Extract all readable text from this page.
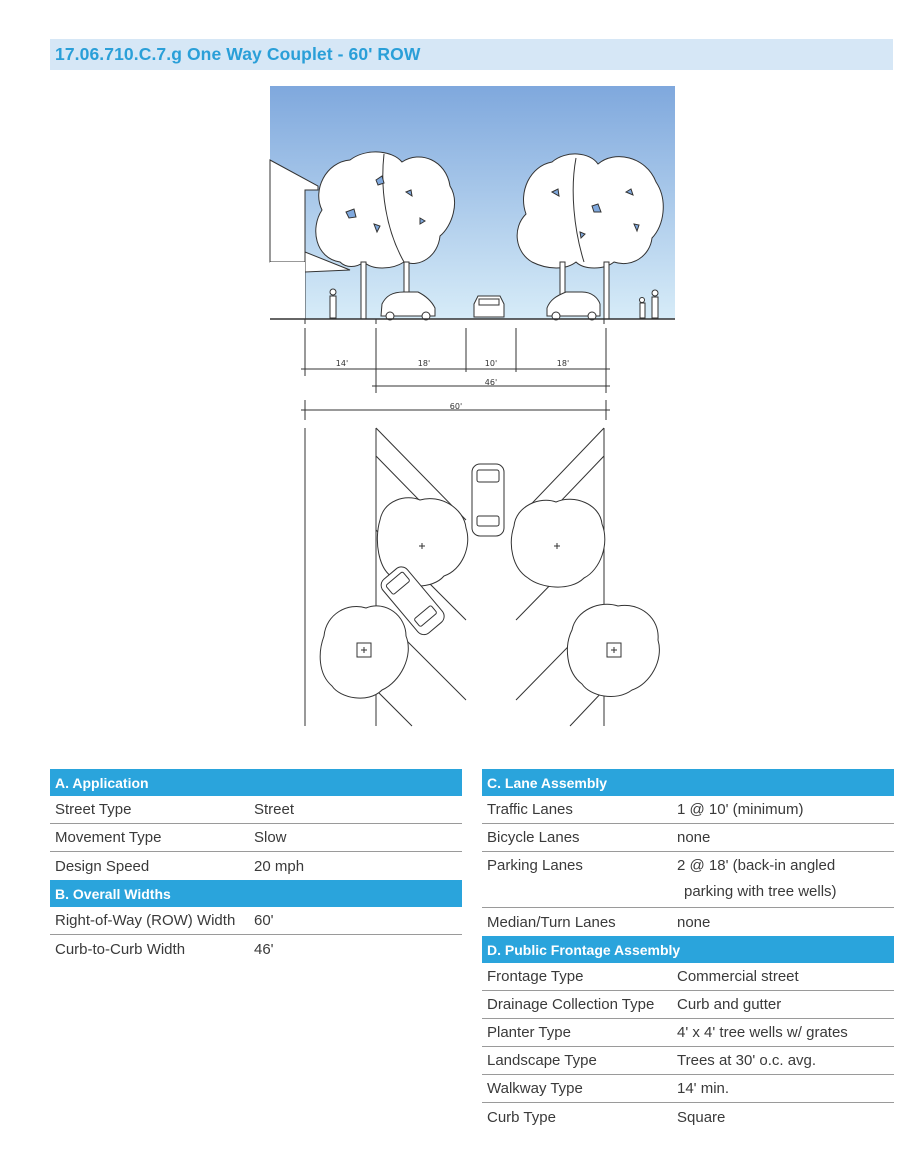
17.06.710.C.7.g One Way Couplet - 60' ROW
14'	18'	10'	18'
46'
60'
A. Application
Street Type	Street
Movement Type	Slow
Design Speed	20 mph
B. Overall Widths
Right-of-Way (ROW) Width	60'
Curb-to-Curb Width	46'
C. Lane Assembly
Traffic Lanes	1 @ 10' (minimum)
Bicycle Lanes	none
Parking Lanes	2 @ 18' (back-in angled
parking with tree wells)
Median/Turn Lanes	none
D. Public Frontage Assembly
Frontage Type	Commercial street
Drainage Collection Type	Curb and gutter
Planter Type	4' x 4' tree wells w/ grates
Landscape Type	Trees at 30' o.c. avg.
Walkway Type	14' min.
Curb Type	Square
